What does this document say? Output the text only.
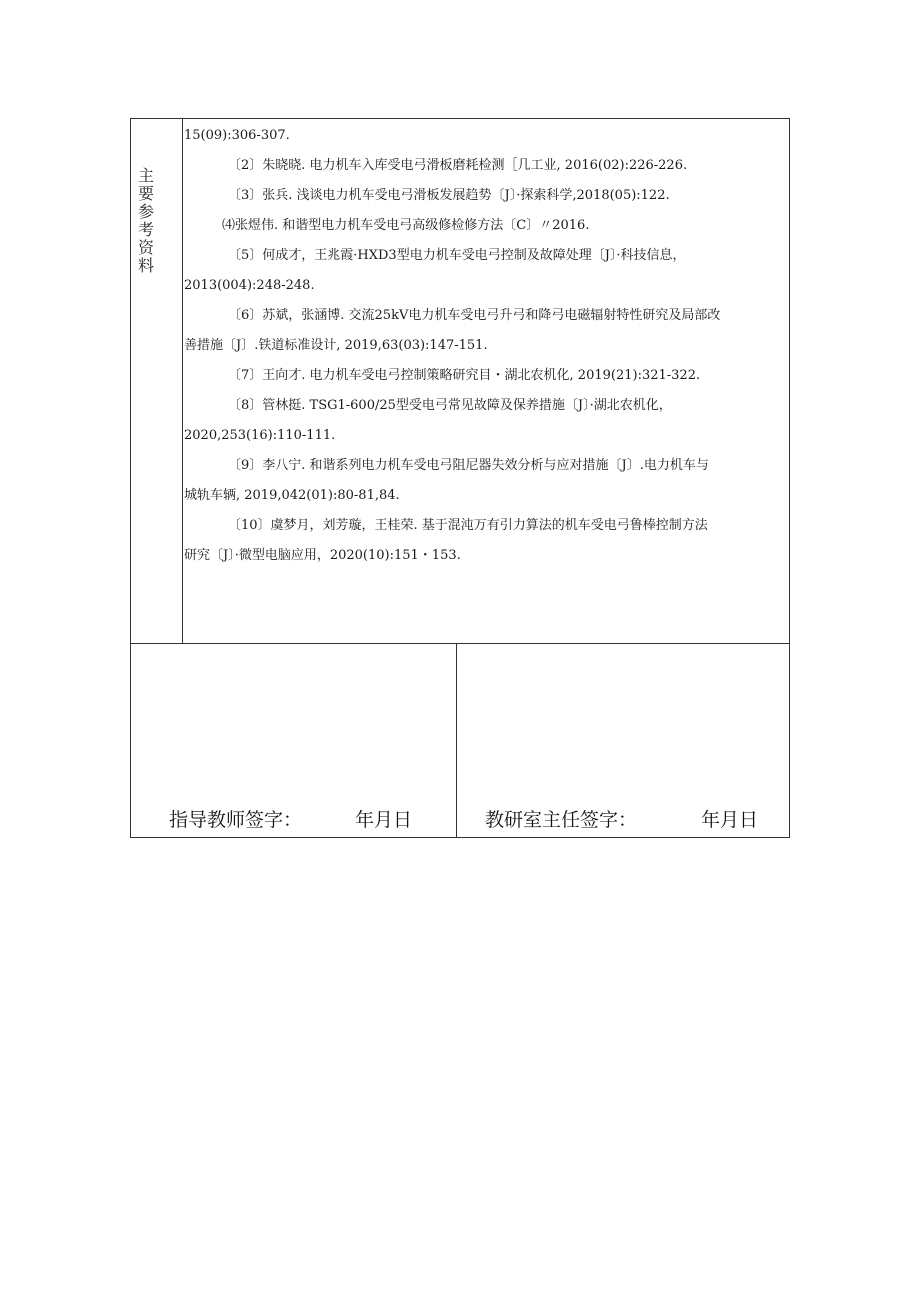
主要参考资料
15(09):306-307.
〔2〕朱晓晓. 电力机车入库受电弓滑板磨耗检测［几工业, 2016(02):226-226.
〔3〕张兵. 浅谈电力机车受电弓滑板发展趋势〔J〕·探索科学,2018(05):122.
⑷张煜伟. 和谐型电力机车受电弓高级修检修方法〔C〕〃2016.
〔5〕何成才，王兆霞·HXD3型电力机车受电弓控制及故障处理〔J〕·科技信息，
2013(004):248-248.
〔6〕苏斌，张涵博. 交流25kV电力机车受电弓升弓和降弓电磁辐射特性研究及局部改
善措施〔J〕.铁道标准设计, 2019,63(03):147-151.
〔7〕王向才. 电力机车受电弓控制策略研究目・湖北农机化, 2019(21):321-322.
〔8〕管林挺. TSG1-600/25型受电弓常见故障及保养措施〔J〕·湖北农机化，
2020,253(16):110-111.
〔9〕李八宁. 和谐系列电力机车受电弓阻尼器失效分析与应对措施〔J〕.电力机车与
城轨车辆, 2019,042(01):80-81,84.
〔10〕虞梦月，刘芳璇，王桂荣. 基于混沌万有引力算法的机车受电弓鲁棒控制方法
研究〔J〕·微型电脑应用，2020(10):151・153.
指导教师签字：	年月日	教研室主任签字：	年月日
